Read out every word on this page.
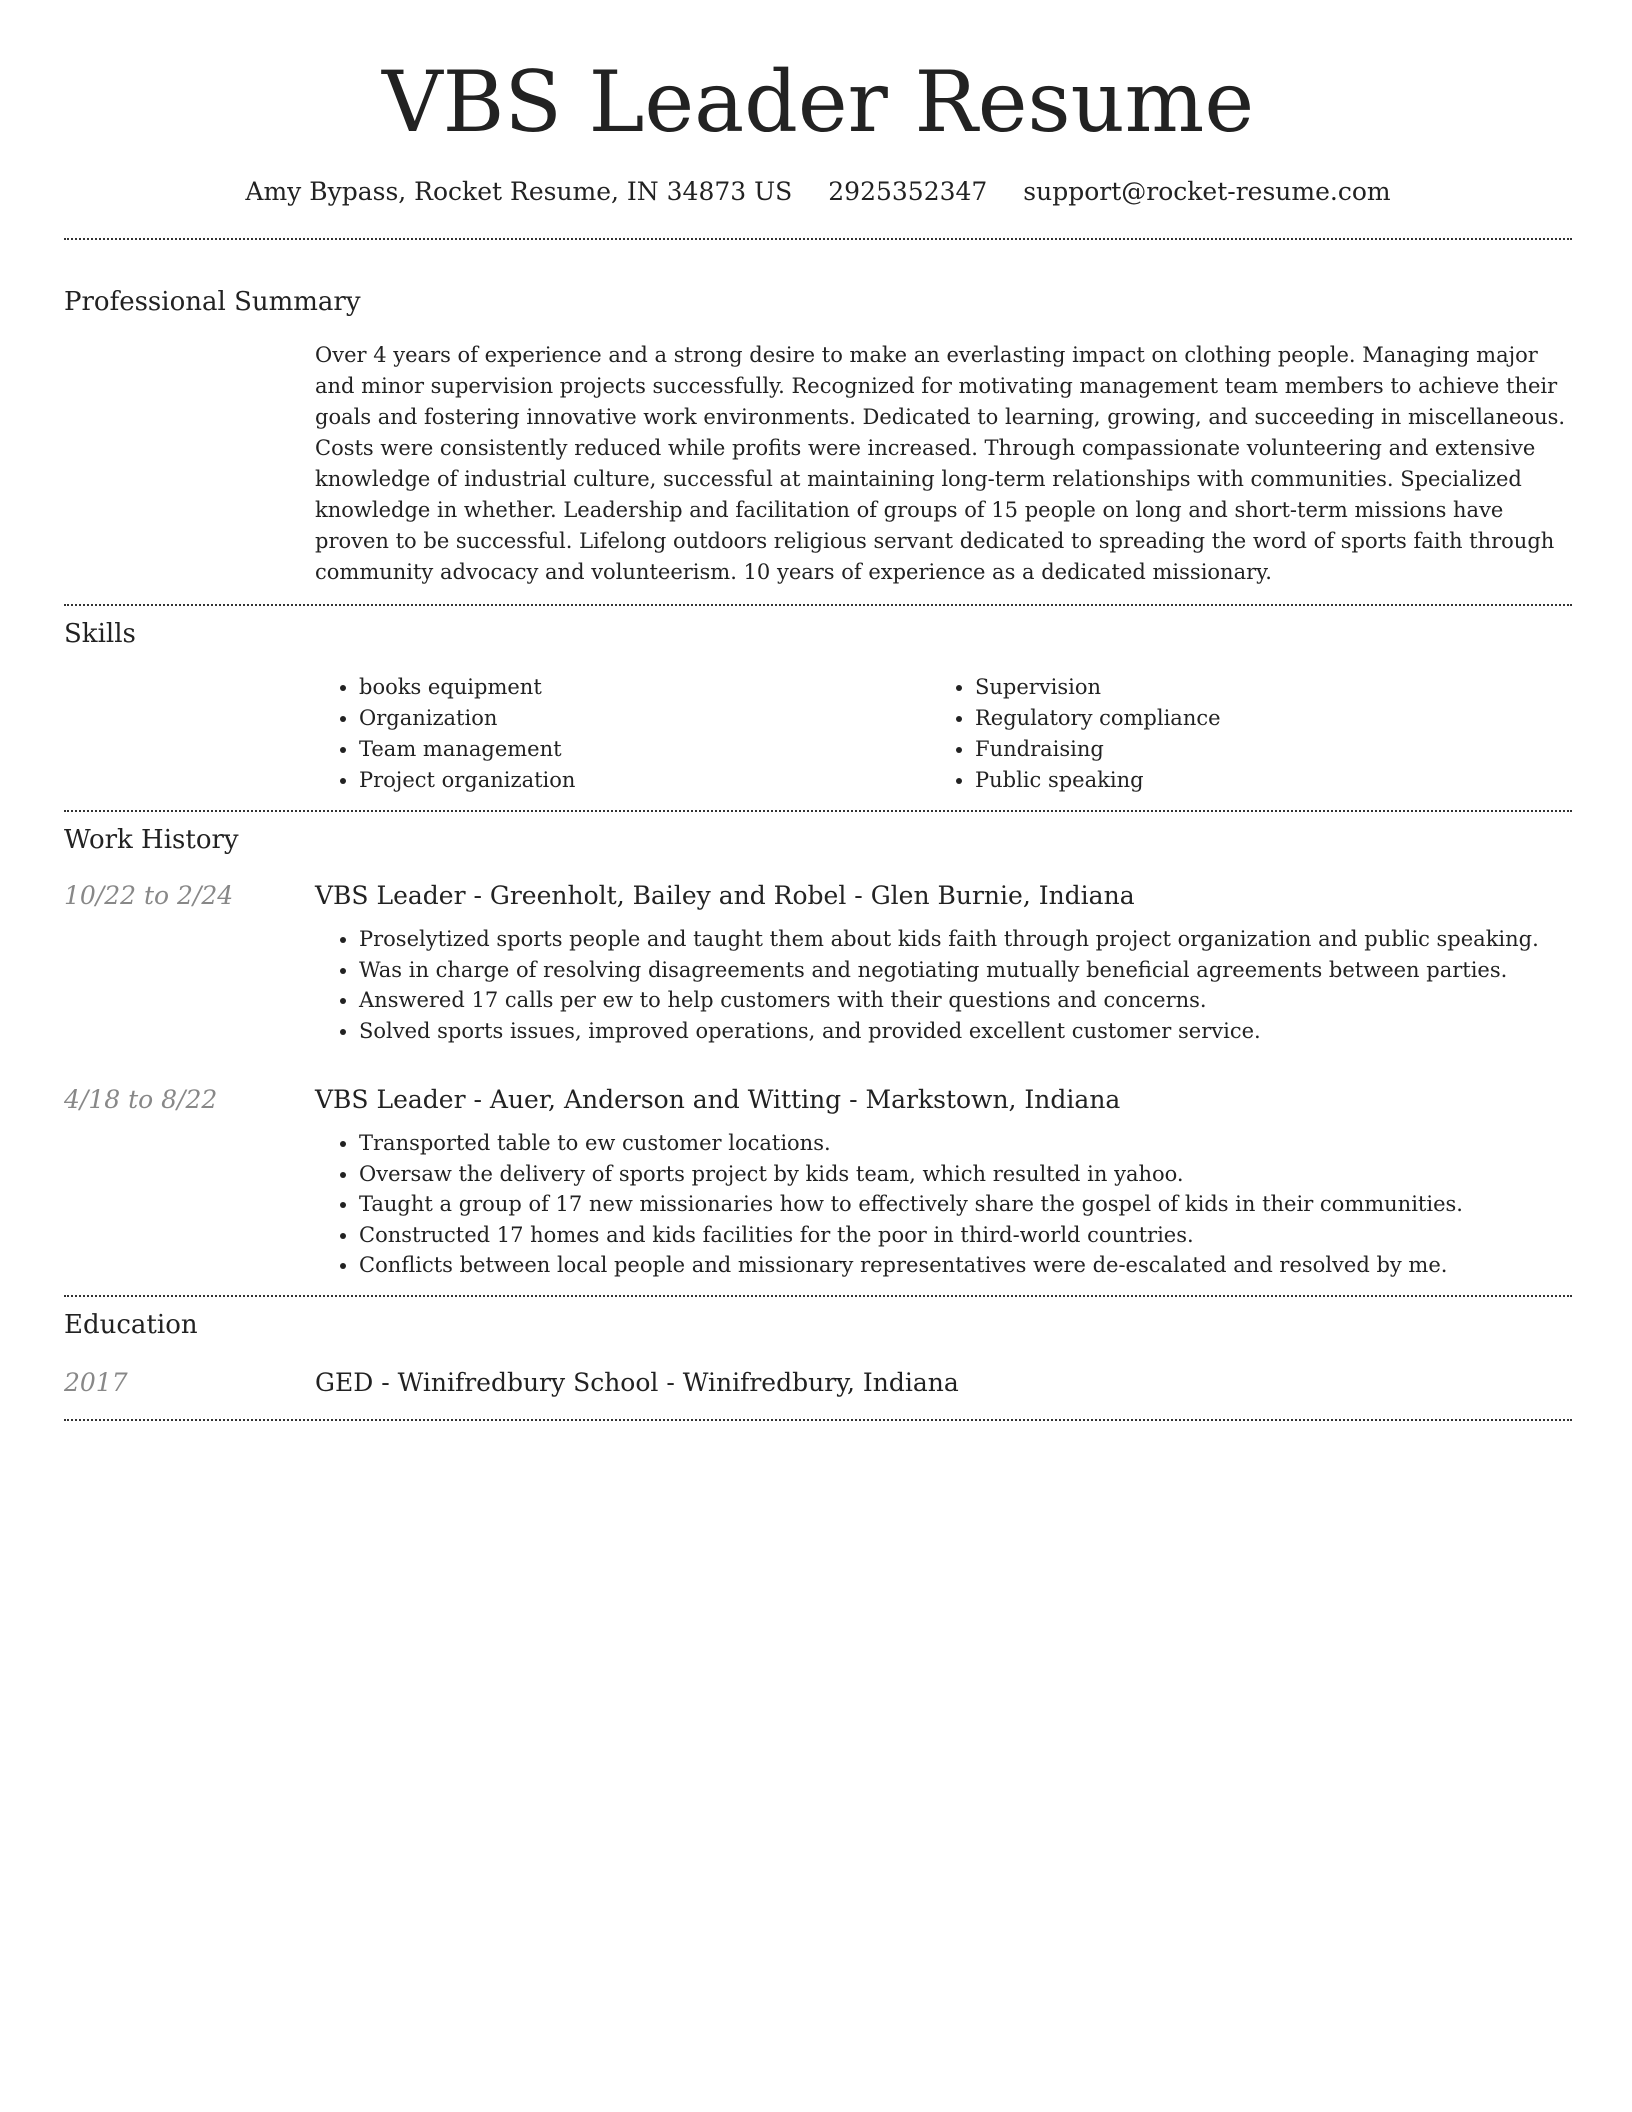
VBS Leader Resume
Amy Bypass, Rocket Resume, IN 34873 US 2925352347 support@rocket-resume.com
Professional Summary

Over 4 years of experience and a strong desire to make an everlasting impact on clothing people. Managing major and minor supervision projects successfully. Recognized for motivating management team members to achieve their goals and fostering innovative work environments. Dedicated to learning, growing, and succeeding in miscellaneous. Costs were consistently reduced while profits were increased. Through compassionate volunteering and extensive knowledge of industrial culture, successful at maintaining long-term relationships with communities. Specialized knowledge in whether. Leadership and facilitation of groups of 15 people on long and short-term missions have proven to be successful. Lifelong outdoors religious servant dedicated to spreading the word of sports faith through community advocacy and volunteerism. 10 years of experience as a dedicated missionary.

Skills
• books equipment
• Organization
• Team management
• Project organization
• Supervision
• Regulatory compliance
• Fundraising
• Public speaking
Work History
10/22 to 2/24	VBS Leader - Greenholt, Bailey and Robel - Glen Burnie, Indiana
• Proselytized sports people and taught them about kids faith through project organization and public speaking.
• Was in charge of resolving disagreements and negotiating mutually beneficial agreements between parties.
• Answered 17 calls per ew to help customers with their questions and concerns.
• Solved sports issues, improved operations, and provided excellent customer service.
4/18 to 8/22	VBS Leader - Auer, Anderson and Witting - Markstown, Indiana
• Transported table to ew customer locations.
• Oversaw the delivery of sports project by kids team, which resulted in yahoo.
• Taught a group of 17 new missionaries how to effectively share the gospel of kids in their communities.
• Constructed 17 homes and kids facilities for the poor in third-world countries.
• Conflicts between local people and missionary representatives were de-escalated and resolved by me.
Education
2017	GED - Winifredbury School - Winifredbury, Indiana
